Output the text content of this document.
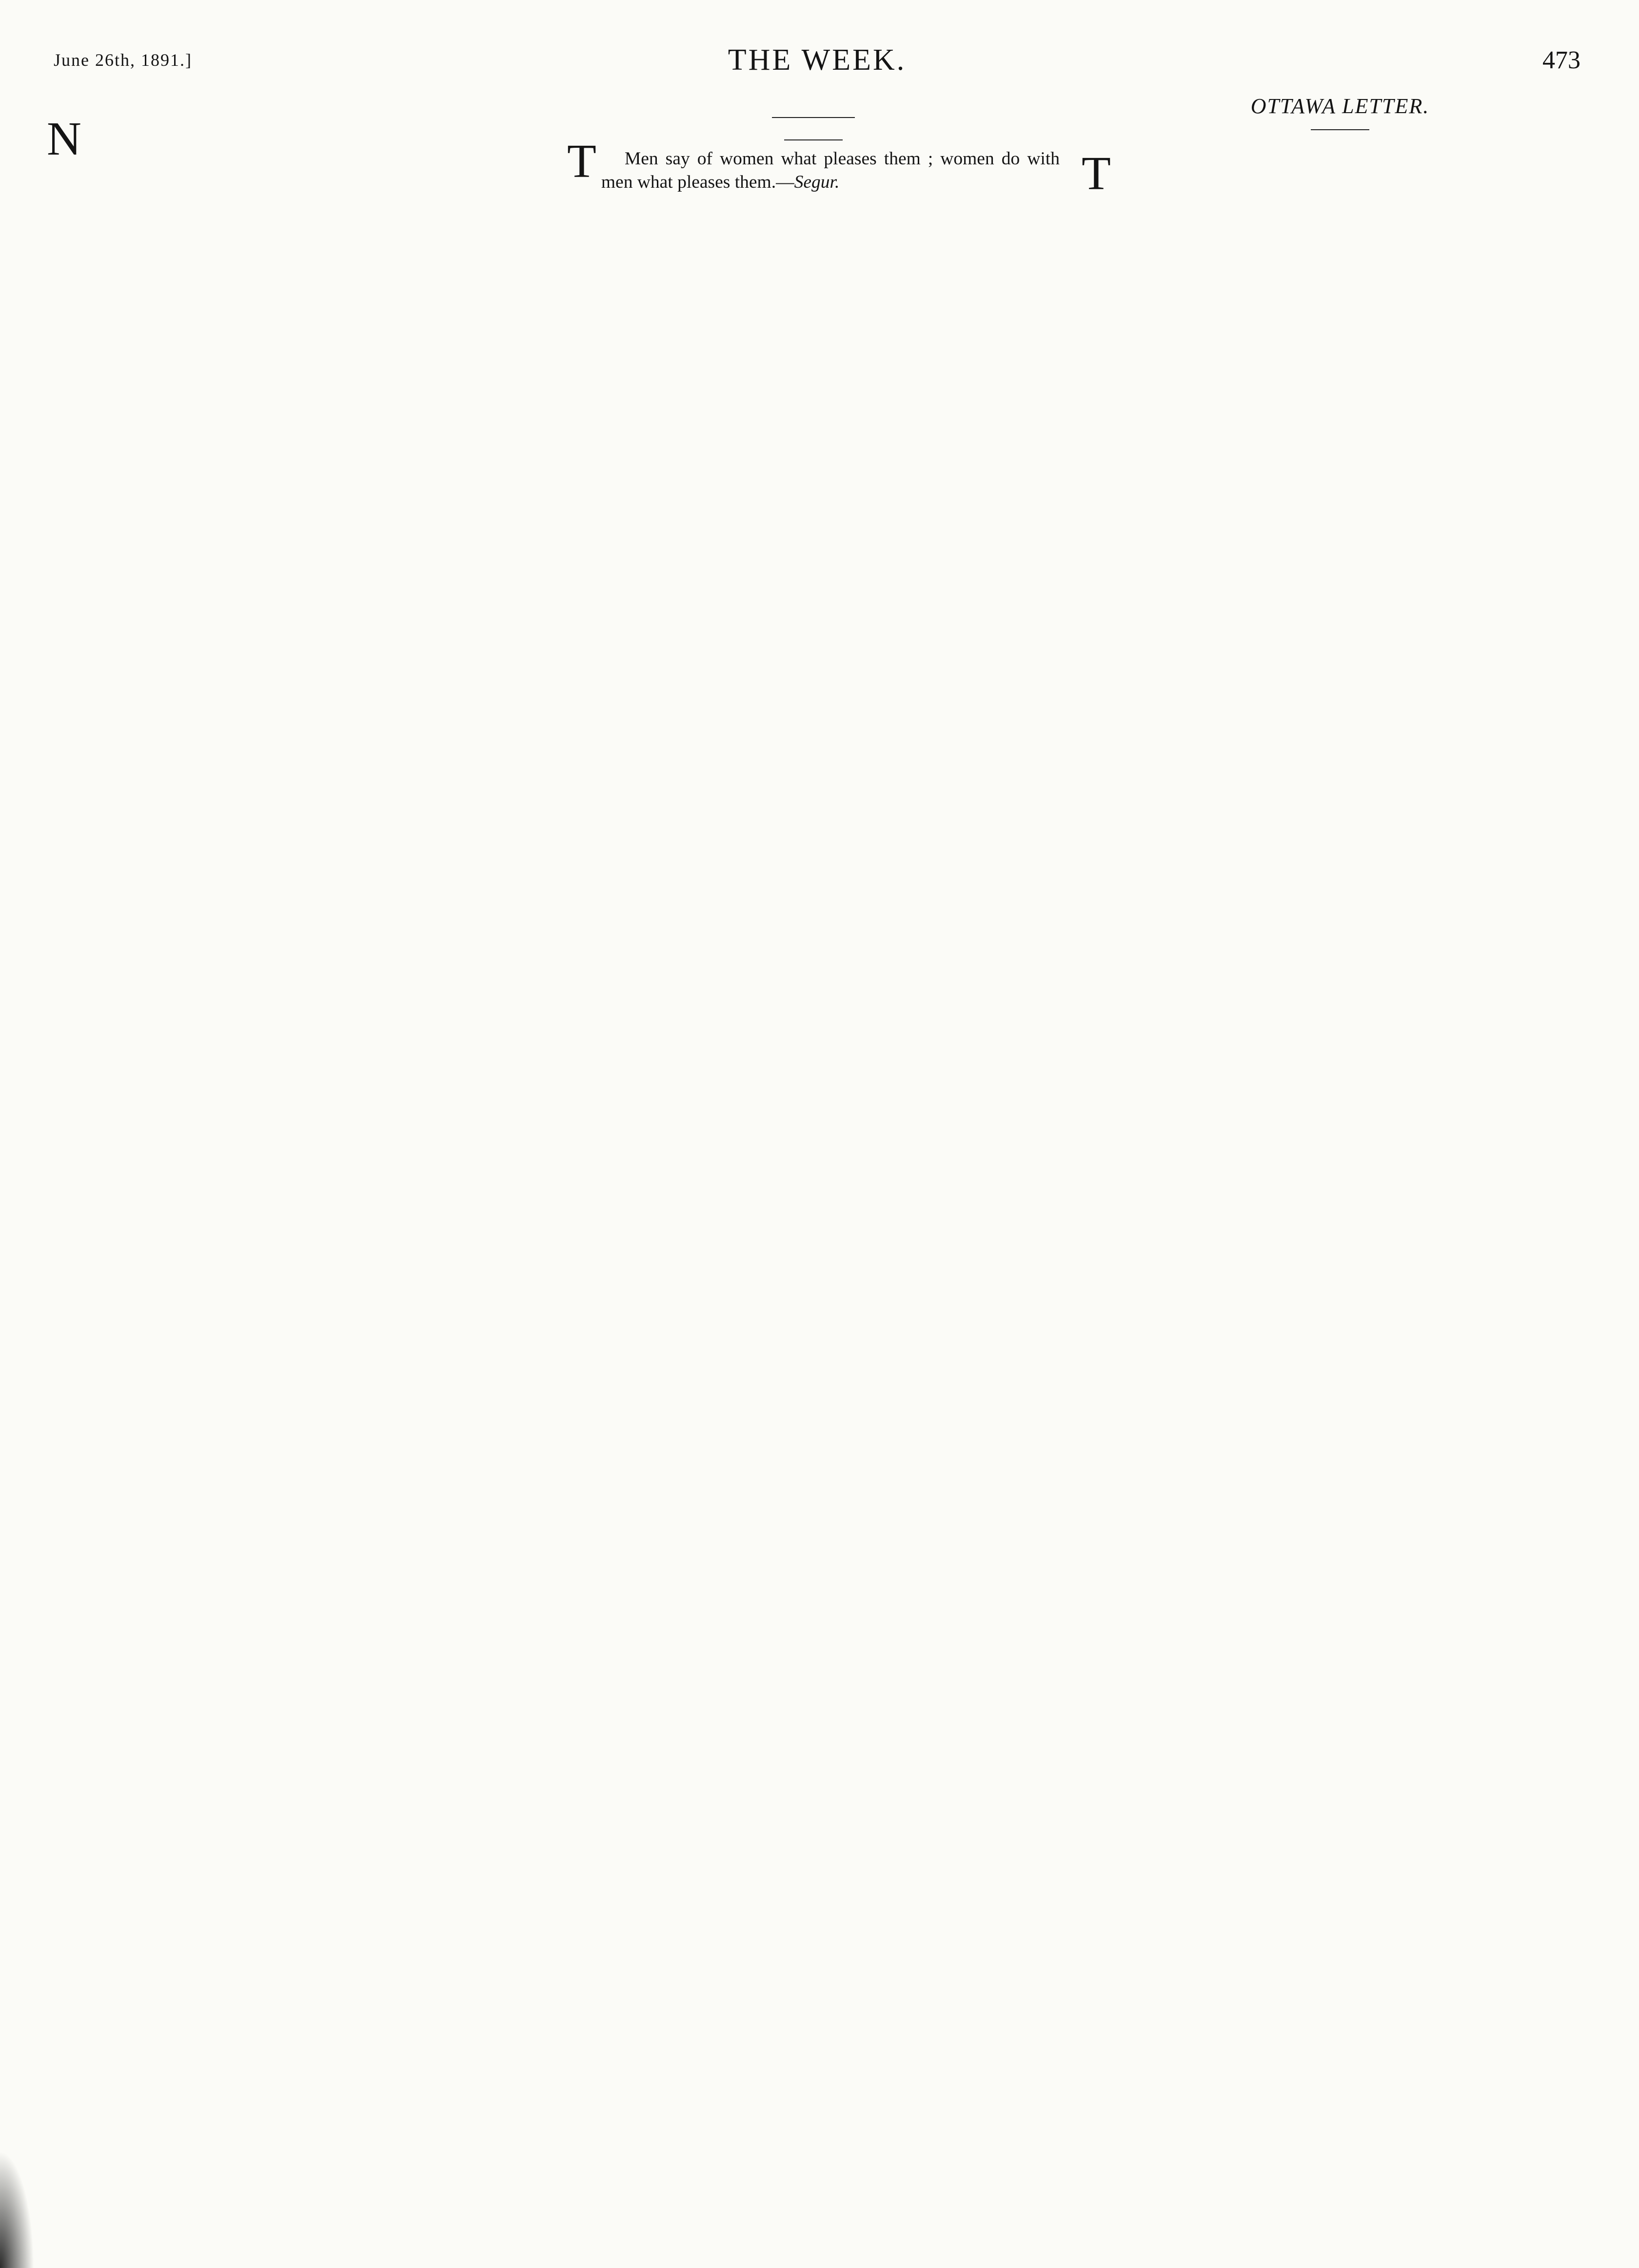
June 26th, 1891.]	THE WEEK.	473
N	T	Men say of women what pleases them ; women do with men what pleases them.—Segur.

OTTAWA LETTER.
T
